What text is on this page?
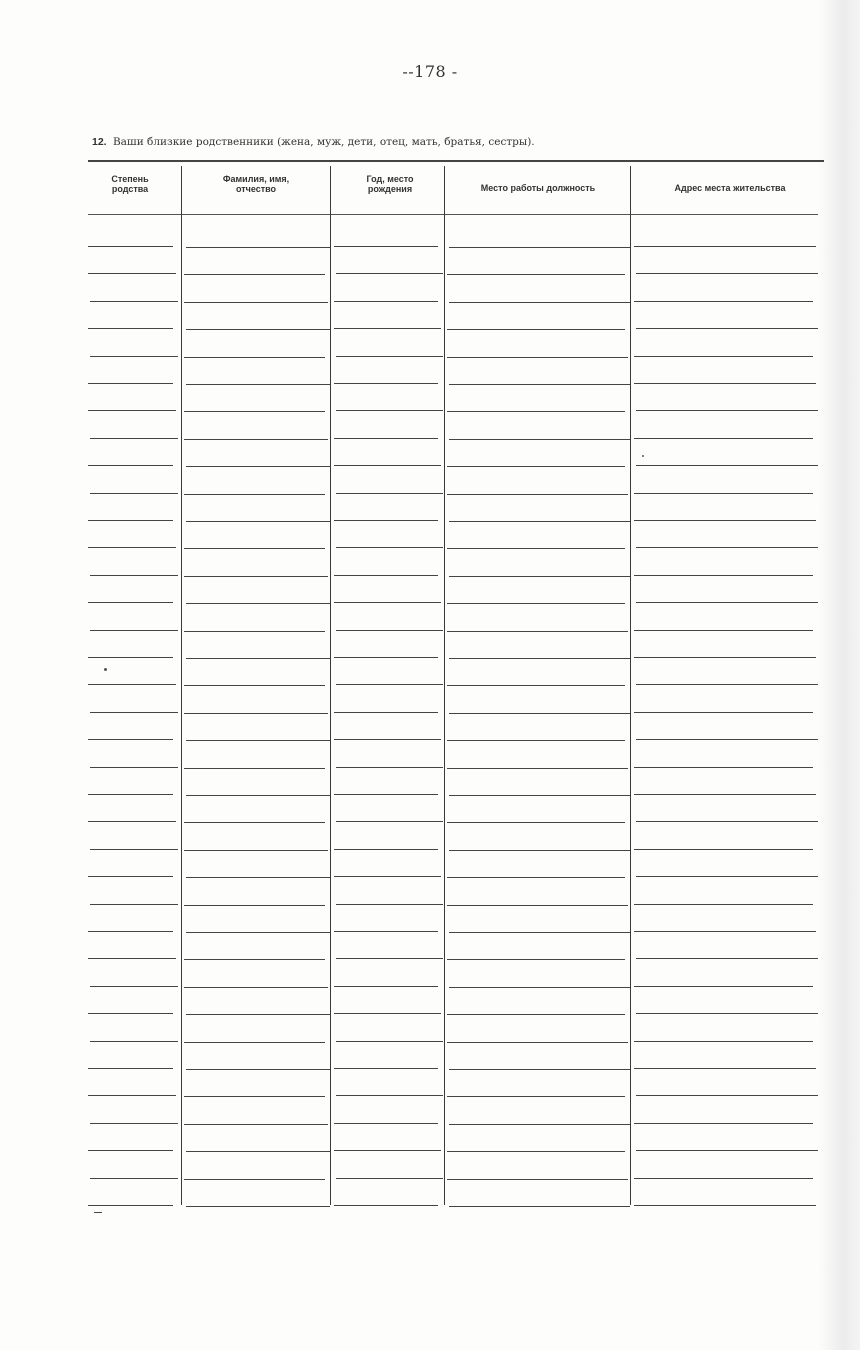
--178 -
12. Ваши близкие родственники (жена, муж, дети, отец, мать, братья, сестры).
Степень
родства
Фамилия, имя,
отчество
Год, место
рождения	Место работы должность	Адрес места жительства
